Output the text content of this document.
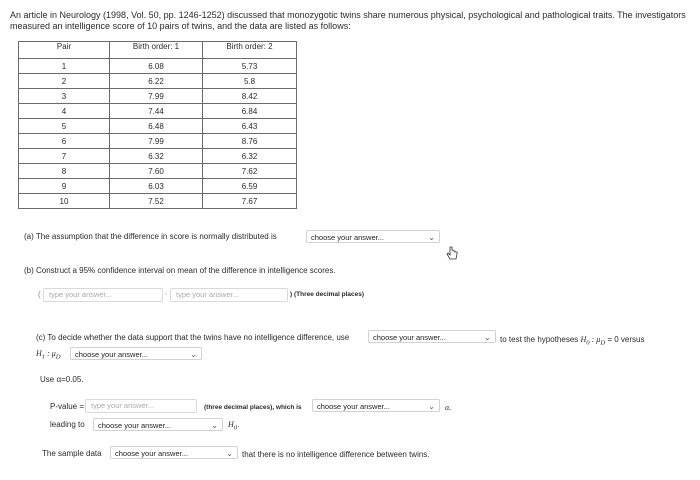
An article in Neurology (1998, Vol. 50, pp. 1246-1252) discussed that monozygotic twins share numerous physical, psychological and pathological traits. The investigators measured an intelligence score of 10 pairs of twins, and the data are listed as follows:
Pair	Birth order: 1	Birth order: 2
1	6.08	5.73
2	6.22	5.8
3	7.99	8.42
4	7.44	6.84
5	6.48	6.43
6	7.99	8.76
7	6.32	6.32
8	7.60	7.62
9	6.03	6.59
10	7.52	7.67
(a) The assumption that the difference in score is normally distributed is	choose your answer...	⌄
(b) Construct a 95% confidence interval on mean of the difference in intelligence scores.
(	type your answer...	,	type your answer...	) (Three decimal places)
(c) To decide whether the data support that the twins have no intelligence difference, use	choose your answer...	⌄ to test the hypotheses $H_0$ : $\mu_D = 0$ versus
$H_1$ : $\mu_D$	choose your answer...	⌄
Use α=0.05.
P-value = type your answer...	(three decimal places), which is	choose your answer...	⌄ α.
leading to	choose your answer...	⌄ $H_0$.
The sample data	choose your answer...	⌄ that there is no intelligence difference between twins.
